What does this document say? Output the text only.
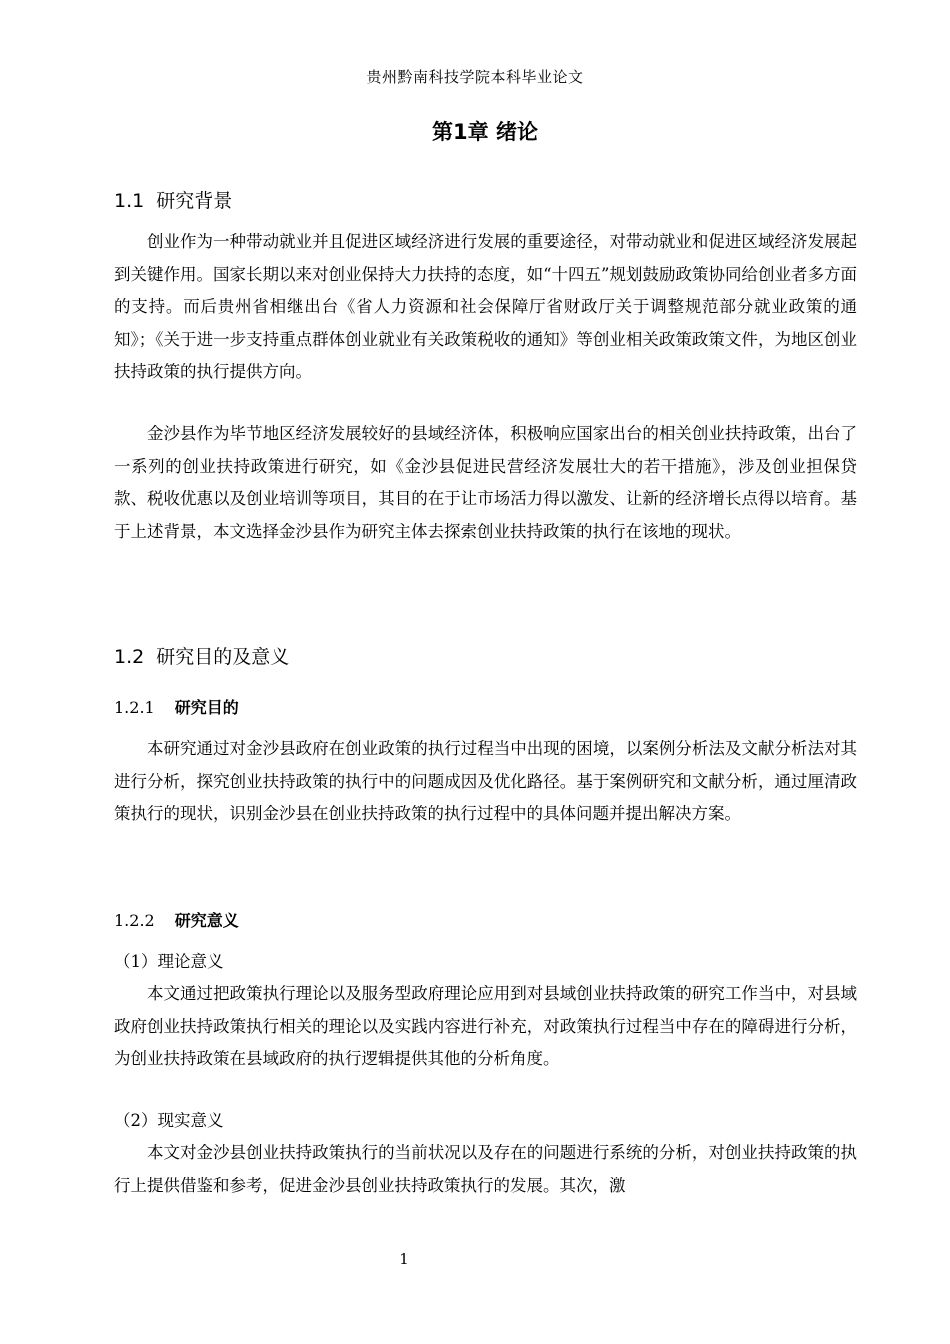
贵州黔南科技学院本科毕业论文
第1章 绪论
1.1 研究背景

创业作为一种带动就业并且促进区域经济进行发展的重要途径，对带动就业和促进区域经济发展起到关键作用。国家长期以来对创业保持大力扶持的态度，如“十四五”规划鼓励政策协同给创业者多方面的支持。而后贵州省相继出台《省人力资源和社会保障厅省财政厅关于调整规范部分就业政策的通知》；《关于进一步支持重点群体创业就业有关政策税收的通知》等创业相关政策政策文件，为地区创业扶持政策的执行提供方向。

金沙县作为毕节地区经济发展较好的县域经济体，积极响应国家出台的相关创业扶持政策，出台了一系列的创业扶持政策进行研究，如《金沙县促进民营经济发展壮大的若干措施》，涉及创业担保贷款、税收优惠以及创业培训等项目，其目的在于让市场活力得以激发、让新的经济增长点得以培育。基于上述背景，本文选择金沙县作为研究主体去探索创业扶持政策的执行在该地的现状。

1.2 研究目的及意义
1.2.1 研究目的

本研究通过对金沙县政府在创业政策的执行过程当中出现的困境，以案例分析法及文献分析法对其进行分析，探究创业扶持政策的执行中的问题成因及优化路径。基于案例研究和文献分析，通过厘清政策执行的现状，识别金沙县在创业扶持政策的执行过程中的具体问题并提出解决方案。

1.2.2 研究意义
（1）理论意义

本文通过把政策执行理论以及服务型政府理论应用到对县域创业扶持政策的研究工作当中，对县域政府创业扶持政策执行相关的理论以及实践内容进行补充，对政策执行过程当中存在的障碍进行分析，为创业扶持政策在县域政府的执行逻辑提供其他的分析角度。

（2）现实意义

本文对金沙县创业扶持政策执行的当前状况以及存在的问题进行系统的分析，对创业扶持政策的执行上提供借鉴和参考，促进金沙县创业扶持政策执行的发展。其次，激

1
